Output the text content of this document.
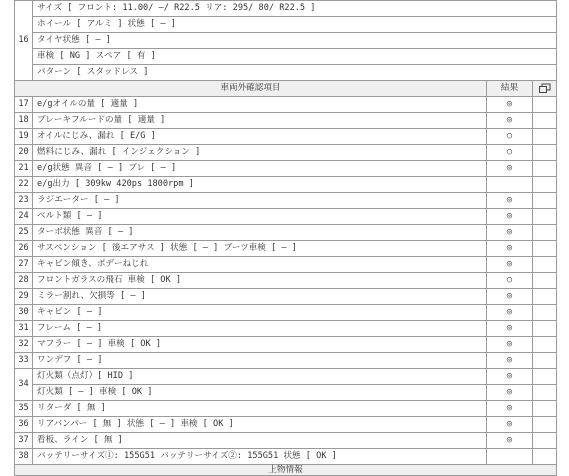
16	サイズ [ フロント: 11.00/ —/ R22.5 リア: 295/ 80/ R22.5 ]		
	ホイール [ アルミ ] 状態 [ — ]		
	タイヤ状態 [ — ]		
	車検 [ NG ] スペア [ 有 ]		
	パターン [ スタッドレス ]		
車両外確認項目		結果	
17	e/gオイルの量 [ 適量 ]	◎	
18	ブレーキフルードの量 [ 適量 ]	◎	
19	オイルにじみ、漏れ [ E/G ]	○	
20	燃料にじみ、漏れ [ インジェクション ]	○	
21	e/g状態 異音 [ — ] ブレ [ — ]	◎	
22	e/g出力 [ 309kw 420ps 1800rpm ]		
23	ラジエーター [ — ]	◎	
24	ベルト類 [ — ]	◎	
25	ターボ状態 異音 [ — ]	◎	
26	サスペンション [ 後エアサス ] 状態 [ — ] ブーツ車検 [ — ]	◎	
27	キャビン傾き、ボデーねじれ	◎	
28	フロントガラスの飛石 車検 [ OK ]	○	
29	ミラー割れ、欠損等 [ — ]	◎	
30	キャビン [ — ]	◎	
31	フレーム [ — ]	◎	
32	マフラー [ — ] 車検 [ OK ]	◎	
33	ワンデフ [ — ]	◎	
34	灯火類（点灯）[ HID ]	◎	
	灯火類 [ — ] 車検 [ OK ]	◎	
35	リターダ [ 無 ]	◎	
36	リアバンパー [ 無 ] 状態 [ — ] 車検 [ OK ]	◎	
37	看板、ライン [ 無 ]	◎	
38	バッテリーサイズ①: 155G51 バッテリーサイズ②: 155G51 状態 [ OK ]		
上物情報			
